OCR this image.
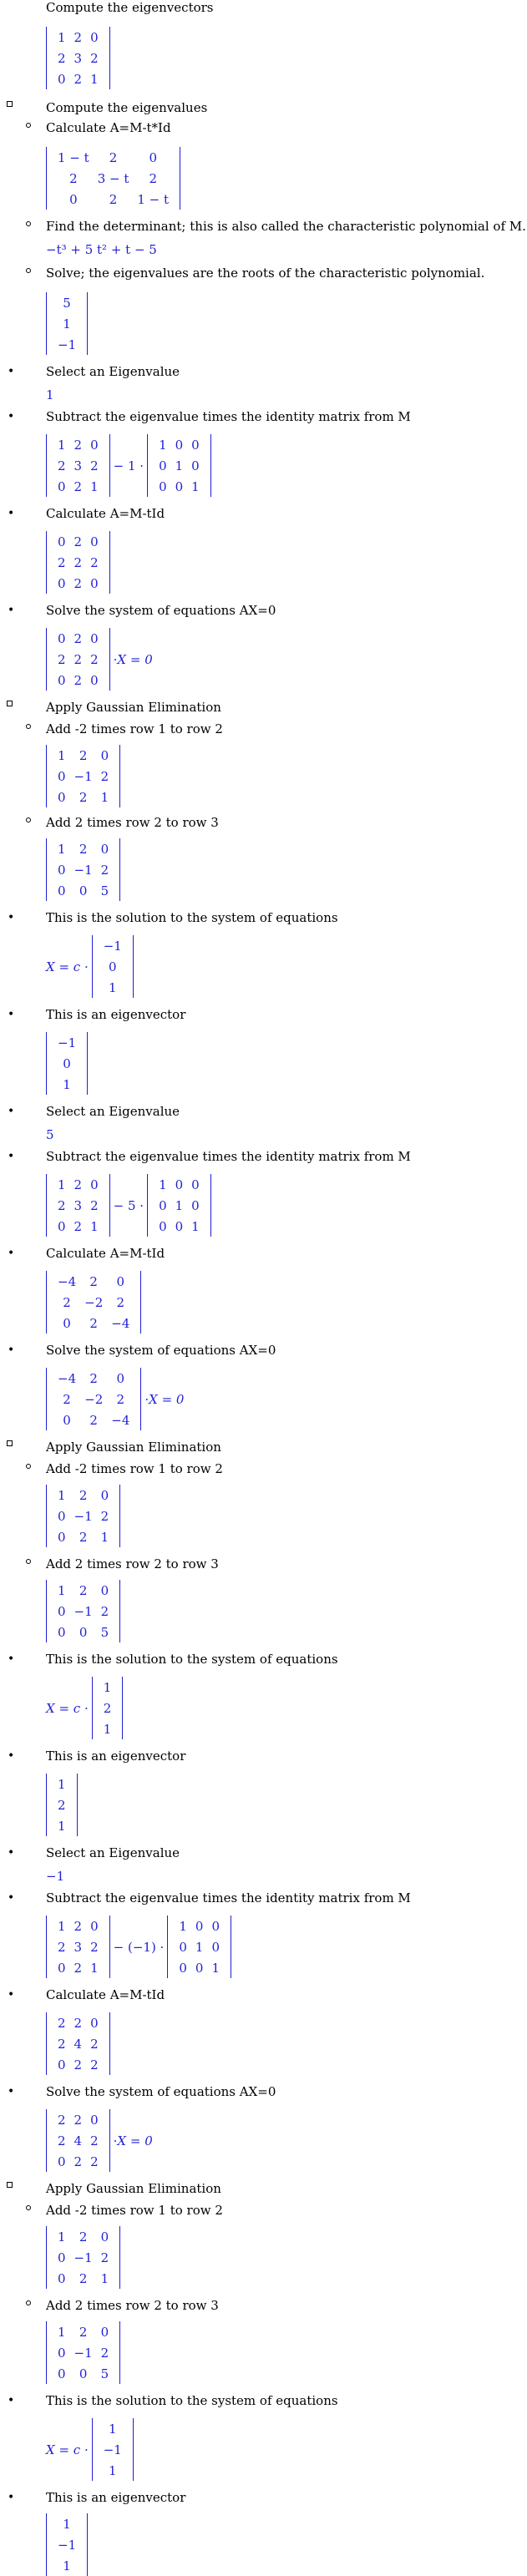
Compute the eigenvectors
1	2	0
2	3	2
0	2	1
Compute the eigenvalues
Calculate A=M-t*Id
1 − t	2	0
2	3 − t	2
0	2	1 − t
Find the determinant; this is also called the characteristic polynomial of M.
−t³ + 5 t² + t − 5
Solve; the eigenvalues are the roots of the characteristic polynomial.
5
1
−1
•	Select an Eigenvalue
1
•	Subtract the eigenvalue times the identity matrix from M
1	2	0
2	3	2
0	2	1
− 1 ·
1	0	0
0	1	0
0	0	1
•	Calculate A=M-tId
0	2	0
2	2	2
0	2	0
•	Solve the system of equations AX=0
0	2	0
2	2	2
0	2	0
·X = 0
Apply Gaussian Elimination
Add -2 times row 1 to row 2
1	2	0
0	−1	2
0	2	1
Add 2 times row 2 to row 3
1	2	0
0	−1	2
0	0	5
•	This is the solution to the system of equations
X = c ·
−1
0
1
•	This is an eigenvector
−1
0
1
•	Select an Eigenvalue
5
•	Subtract the eigenvalue times the identity matrix from M
1	2	0
2	3	2
0	2	1
− 5 ·
1	0	0
0	1	0
0	0	1
•	Calculate A=M-tId
−4	2	0
2	−2	2
0	2	−4
•	Solve the system of equations AX=0
−4	2	0
2	−2	2
0	2	−4
·X = 0
Apply Gaussian Elimination
Add -2 times row 1 to row 2
1	2	0
0	−1	2
0	2	1
Add 2 times row 2 to row 3
1	2	0
0	−1	2
0	0	5
•	This is the solution to the system of equations
X = c ·
1
2
1
•	This is an eigenvector
1
2
1
•	Select an Eigenvalue
−1
•	Subtract the eigenvalue times the identity matrix from M
1	2	0
2	3	2
0	2	1
− (−1) ·
1	0	0
0	1	0
0	0	1
•	Calculate A=M-tId
2	2	0
2	4	2
0	2	2
•	Solve the system of equations AX=0
2	2	0
2	4	2
0	2	2
·X = 0
Apply Gaussian Elimination
Add -2 times row 1 to row 2
1	2	0
0	−1	2
0	2	1
Add 2 times row 2 to row 3
1	2	0
0	−1	2
0	0	5
•	This is the solution to the system of equations
X = c ·
1
−1
1
•	This is an eigenvector
1
−1
1
